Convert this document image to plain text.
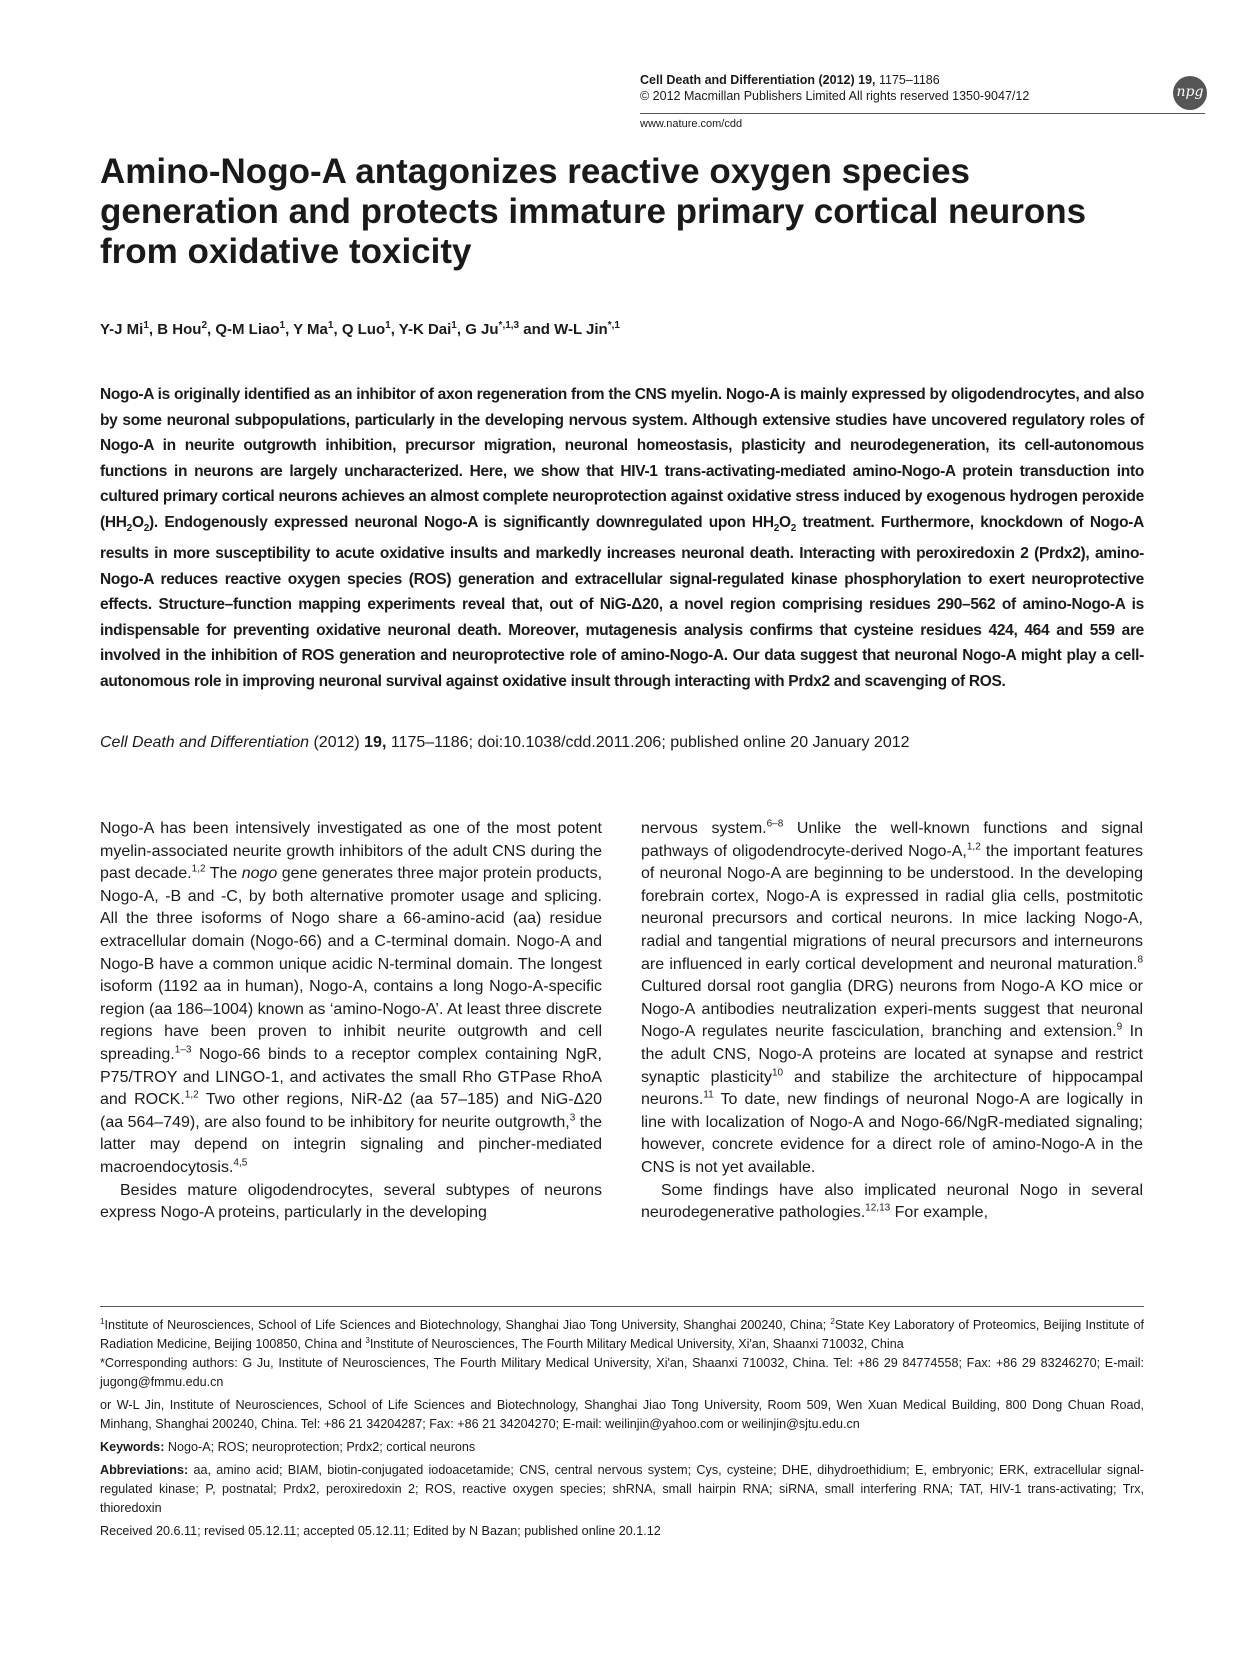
Cell Death and Differentiation (2012) 19, 1175–1186
© 2012 Macmillan Publishers Limited All rights reserved 1350-9047/12	npg
www.nature.com/cdd
Amino-Nogo-A antagonizes reactive oxygen species generation and protects immature primary cortical neurons from oxidative toxicity
Y-J Mi$^1$, B Hou$^2$, Q-M Liao$^1$, Y Ma$^1$, Q Luo$^1$, Y-K Dai$^1$, G $Ju^{*,1,3}$ and W-L Jin$^{*,1}$

Nogo-A is originally identified as an inhibitor of axon regeneration from the CNS myelin. Nogo-A is mainly expressed by oligodendrocytes, and also by some neuronal subpopulations, particularly in the developing nervous system. Although extensive studies have uncovered regulatory roles of Nogo-A in neurite outgrowth inhibition, precursor migration, neuronal homeostasis, plasticity and neurodegeneration, its cell-autonomous functions in neurons are largely uncharacterized. Here, we show that HIV-1 trans-activating-mediated amino-Nogo-A protein transduction into cultured primary cortical neurons achieves an almost complete neuroprotection against oxidative stress induced by exogenous hydrogen peroxide $(HH_2O_2)$. Endogenously expressed neuronal Nogo-A is significantly downregulated upon $HH_2O_2$ treatment. Furthermore, knockdown of Nogo-A results in more susceptibility to acute oxidative insults and markedly increases neuronal death. Interacting with peroxiredoxin 2 (Prdx2), amino-Nogo-A reduces reactive oxygen species (ROS) generation and extracellular signal-regulated kinase phosphorylation to exert neuroprotective effects. Structure–function mapping experiments reveal that, out of NiG-Δ20, a novel region comprising residues 290–562 of amino-Nogo-A is indispensable for preventing oxidative neuronal death. Moreover, mutagenesis analysis confirms that cysteine residues 424, 464 and 559 are involved in the inhibition of ROS generation and neuroprotective role of amino-Nogo-A. Our data suggest that neuronal Nogo-A might play a cell-autonomous role in improving neuronal survival against oxidative insult through interacting with Prdx2 and scavenging of ROS.

Cell Death and Differentiation (2012) 19, 1175–1186; doi:10.1038/cdd.2011.206; published online 20 January 2012

Nogo-A has been intensively investigated as one of the most potent myelin-associated neurite growth inhibitors of the adult CNS during the past decade.$^{1,2}$ The nogo gene generates three major protein products, Nogo-A, -B and -C, by both alternative promoter usage and splicing. All the three isoforms of Nogo share a 66-amino-acid (aa) residue extracellular domain (Nogo-66) and a C-terminal domain. Nogo-A and Nogo-B have a common unique acidic N-terminal domain. The longest isoform (1192 aa in human), Nogo-A, contains a long Nogo-A-specific region (aa 186–1004) known as ‘amino-Nogo-A’. At least three discrete regions have been proven to inhibit neurite outgrowth and cell spreading.$^{1-3}$ Nogo-66 binds to a receptor complex containing NgR, P75/TROY and LINGO-1, and activates the small Rho GTPase RhoA and ROCK.$^{1,2}$ Two other regions, NiR-Δ2 (aa 57–185) and NiG-Δ20 (aa 564–749), are also found to be inhibitory for neurite outgrowth,$^3$ the latter may depend on integrin signaling and pincher-mediated macroendocytosis.$^{4,5}$

Besides mature oligodendrocytes, several subtypes of neurons express Nogo-A proteins, particularly in the developing

nervous system.$^{6-8}$ Unlike the well-known functions and signal pathways of oligodendrocyte-derived Nogo-A,$^{1,2}$ the important features of neuronal Nogo-A are beginning to be understood. In the developing forebrain cortex, Nogo-A is expressed in radial glia cells, postmitotic neuronal precursors and cortical neurons. In mice lacking Nogo-A, radial and tangential migrations of neural precursors and interneurons are influenced in early cortical development and neuronal maturation.$^8$ Cultured dorsal root ganglia (DRG) neurons from Nogo-A KO mice or Nogo-A antibodies neutralization experi-ments suggest that neuronal Nogo-A regulates neurite fasciculation, branching and extension.$^9$ In the adult CNS, Nogo-A proteins are located at synapse and restrict synaptic plasticity$^{10}$ and stabilize the architecture of hippocampal neurons.$^{11}$ To date, new findings of neuronal Nogo-A are logically in line with localization of Nogo-A and Nogo-66/NgR-mediated signaling; however, concrete evidence for a direct role of amino-Nogo-A in the CNS is not yet available.

Some findings have also implicated neuronal Nogo in several neurodegenerative pathologies.$^{12,13}$ For example,

$^1$Institute of Neurosciences, School of Life Sciences and Biotechnology, Shanghai Jiao Tong University, Shanghai 200240, China; $^2$State Key Laboratory of Proteomics, Beijing Institute of Radiation Medicine, Beijing 100850, China and $^3$Institute of Neurosciences, The Fourth Military Medical University, Xi'an, Shaanxi 710032, China
*Corresponding authors: G Ju, Institute of Neurosciences, The Fourth Military Medical University, Xi'an, Shaanxi 710032, China. Tel: +86 29 84774558; Fax: +86 29 83246270; E-mail: jugong@fmmu.edu.cn

or W-L Jin, Institute of Neurosciences, School of Life Sciences and Biotechnology, Shanghai Jiao Tong University, Room 509, Wen Xuan Medical Building, 800 Dong Chuan Road, Minhang, Shanghai 200240, China. Tel: +86 21 34204287; Fax: +86 21 34204270; E-mail: weilinjin@yahoo.com or weilinjin@sjtu.edu.cn

Keywords: Nogo-A; ROS; neuroprotection; Prdx2; cortical neurons

Abbreviations: aa, amino acid; BIAM, biotin-conjugated iodoacetamide; CNS, central nervous system; Cys, cysteine; DHE, dihydroethidium; E, embryonic; ERK, extracellular signal-regulated kinase; P, postnatal; Prdx2, peroxiredoxin 2; ROS, reactive oxygen species; shRNA, small hairpin RNA; siRNA, small interfering RNA; TAT, HIV-1 trans-activating; Trx, thioredoxin

Received 20.6.11; revised 05.12.11; accepted 05.12.11; Edited by N Bazan; published online 20.1.12
